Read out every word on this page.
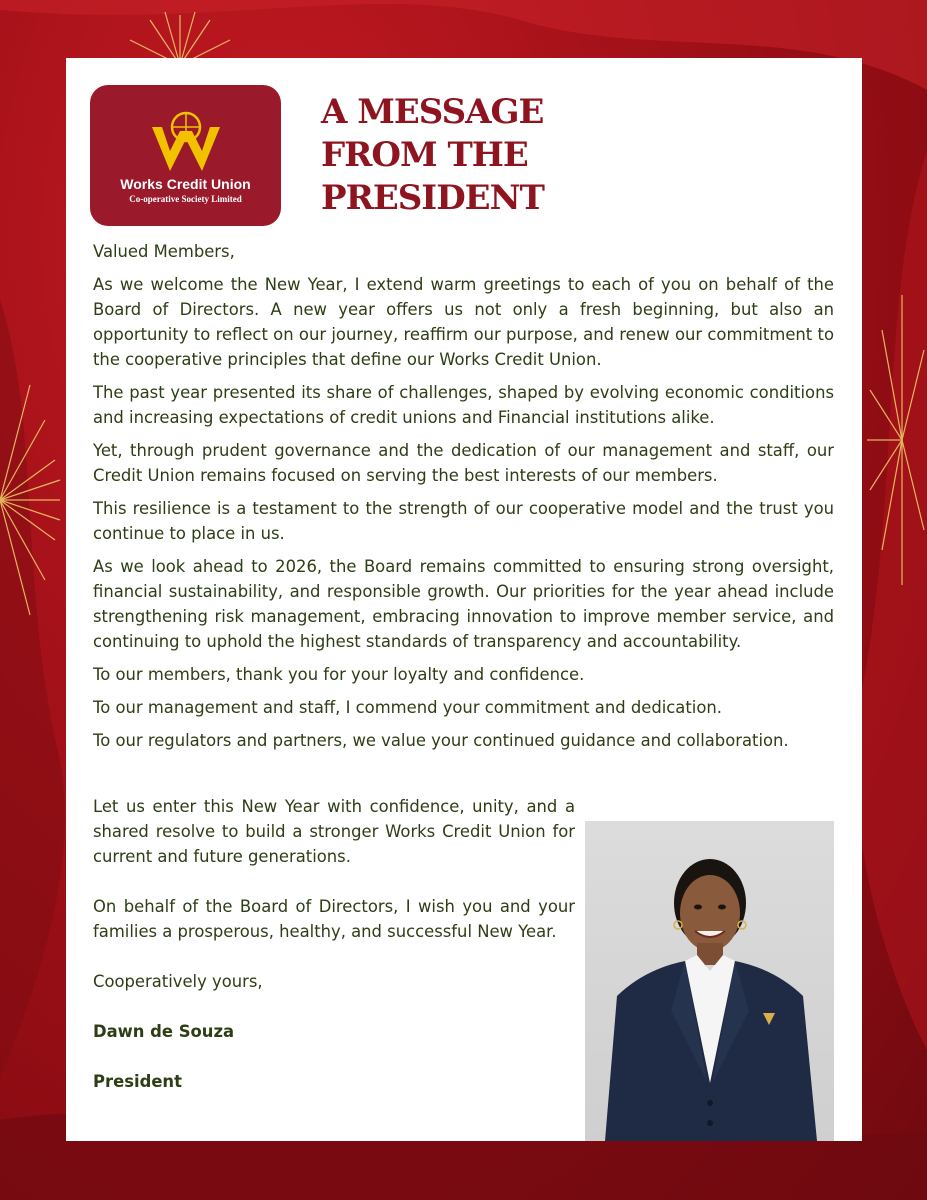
Works Credit Union
Co-operative Society Limited
A MESSAGE FROM THE PRESIDENT

Valued Members,

As we welcome the New Year, I extend warm greetings to each of you on behalf of the Board of Directors. A new year offers us not only a fresh beginning, but also an opportunity to reflect on our journey, reaffirm our purpose, and renew our commitment to the cooperative principles that define our Works Credit Union.

The past year presented its share of challenges, shaped by evolving economic conditions and increasing expectations of credit unions and Financial institutions alike.

Yet, through prudent governance and the dedication of our management and staff, our Credit Union remains focused on serving the best interests of our members.

This resilience is a testament to the strength of our cooperative model and the trust you continue to place in us.

As we look ahead to 2026, the Board remains committed to ensuring strong oversight, financial sustainability, and responsible growth. Our priorities for the year ahead include strengthening risk management, embracing innovation to improve member service, and continuing to uphold the highest standards of transparency and accountability.

To our members, thank you for your loyalty and confidence.

To our management and staff, I commend your commitment and dedication.

To our regulators and partners, we value your continued guidance and collaboration.

Let us enter this New Year with confidence, unity, and a shared resolve to build a stronger Works Credit Union for current and future generations.

On behalf of the Board of Directors, I wish you and your families a prosperous, healthy, and successful New Year.

Cooperatively yours,

Dawn de Souza

President
